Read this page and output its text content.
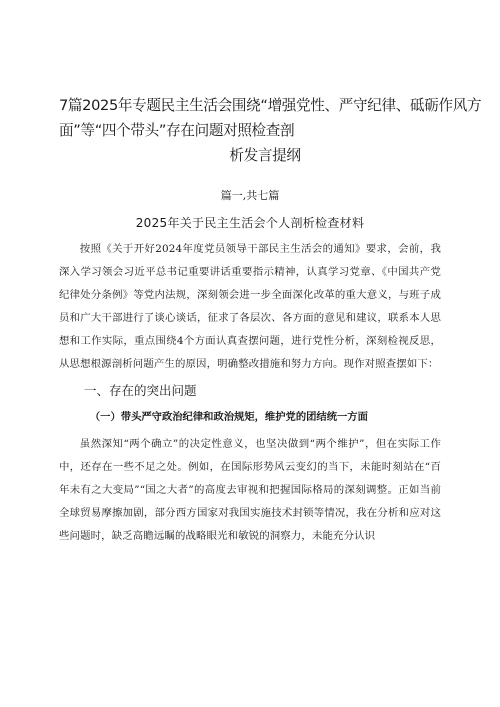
7篇2025年专题民主生活会围绕“增强党性、严守纪律、砥砺作风方
面”等“四个带头”存在问题对照检查剖
析发言提纲
篇一,共七篇
2025年关于民主生活会个人剖析检查材料

按照《关于开好2024年度党员领导干部民主生活会的通知》要求，会前，我深入学习领会习近平总书记重要讲话重要指示精神，认真学习党章、《中国共产党纪律处分条例》等党内法规，深刻领会进一步全面深化改革的重大意义，与班子成员和广大干部进行了谈心谈话，征求了各层次、各方面的意见和建议，联系本人思想和工作实际，重点围绕4个方面认真查摆问题，进行党性分析，深刻检视反思，从思想根源剖析问题产生的原因，明确整改措施和努力方向。现作对照查摆如下：

一、存在的突出问题
（一）带头严守政治纪律和政治规矩，维护党的团结统一方面

虽然深知“两个确立”的决定性意义，也坚决做到“两个维护”，但在实际工作中，还存在一些不足之处。例如，在国际形势风云变幻的当下，未能时刻站在“百年未有之大变局”“国之大者”的高度去审视和把握国际格局的深刻调整。正如当前全球贸易摩擦加剧，部分西方国家对我国实施技术封锁等情况，我在分析和应对这些问题时，缺乏高瞻远瞩的战略眼光和敏锐的洞察力，未能充分认识
